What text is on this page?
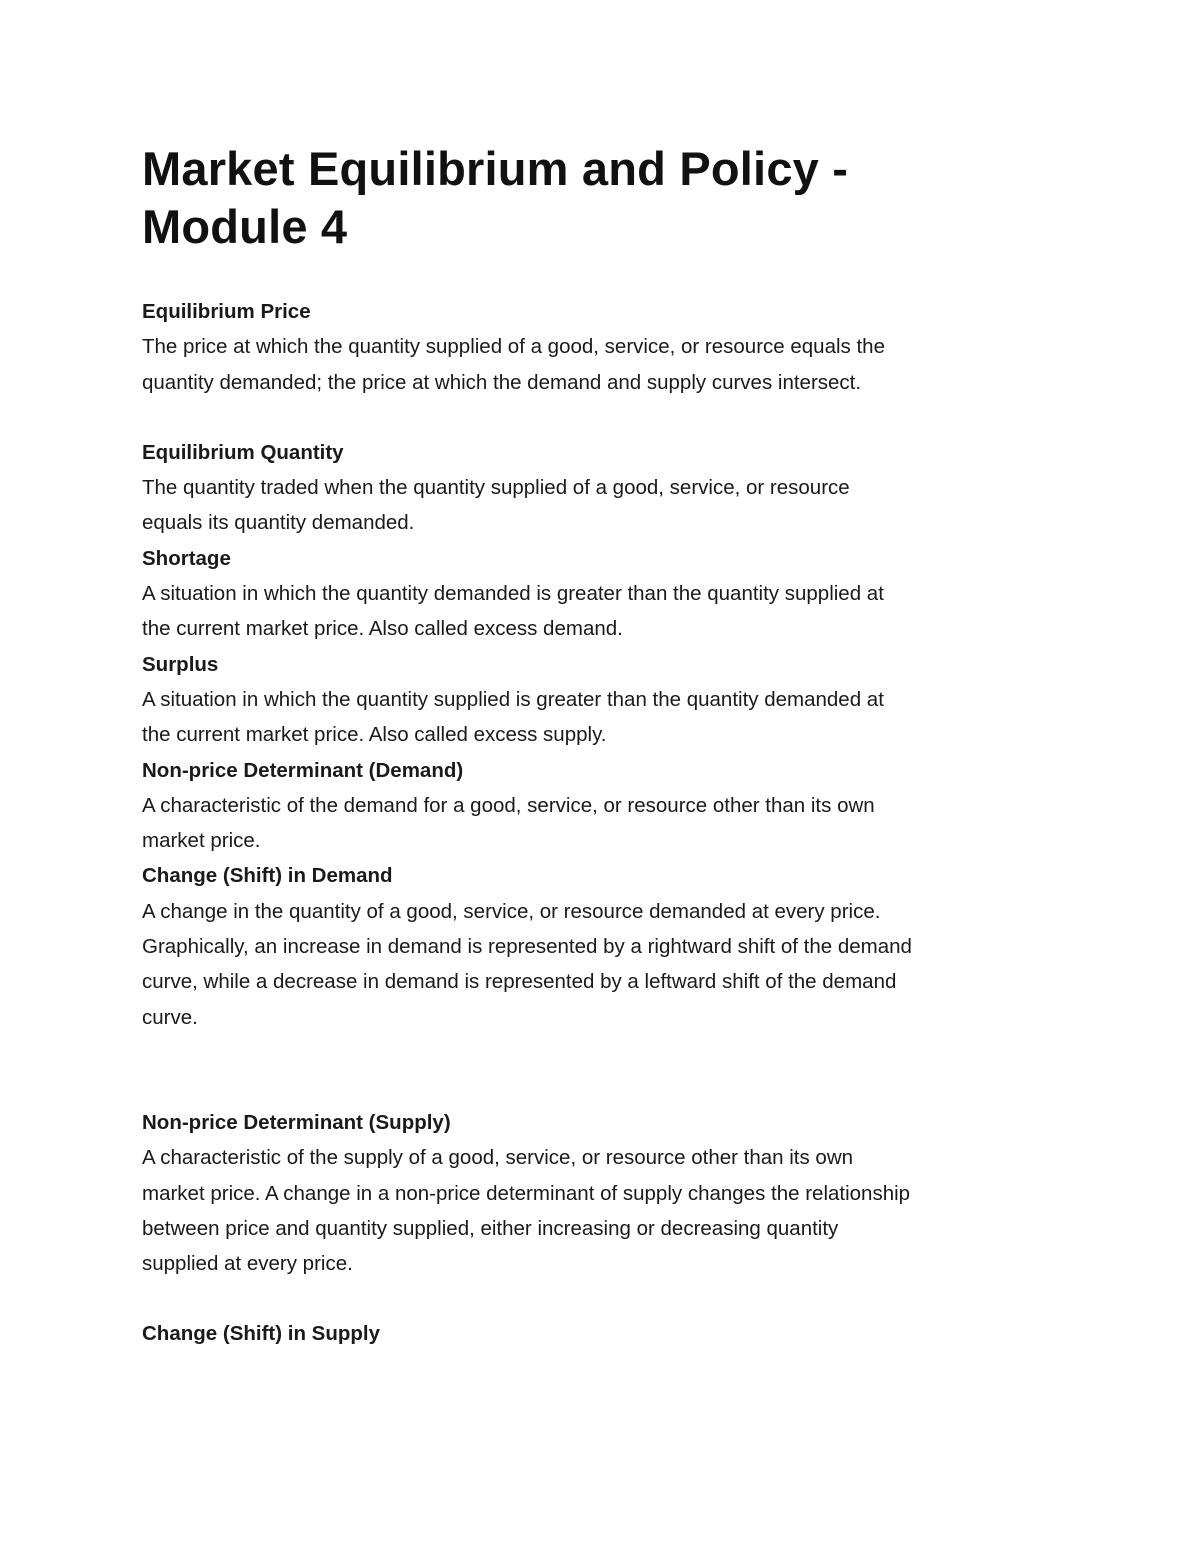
Market Equilibrium and Policy - Module 4

Equilibrium Price

The price at which the quantity supplied of a good, service, or resource equals the quantity demanded; the price at which the demand and supply curves intersect.

Equilibrium Quantity

The quantity traded when the quantity supplied of a good, service, or resource equals its quantity demanded.

Shortage

A situation in which the quantity demanded is greater than the quantity supplied at the current market price. Also called excess demand.

Surplus

A situation in which the quantity supplied is greater than the quantity demanded at the current market price. Also called excess supply.

Non-price Determinant (Demand)

A characteristic of the demand for a good, service, or resource other than its own market price.

Change (Shift) in Demand

A change in the quantity of a good, service, or resource demanded at every price. Graphically, an increase in demand is represented by a rightward shift of the demand curve, while a decrease in demand is represented by a leftward shift of the demand curve.

Non-price Determinant (Supply)

A characteristic of the supply of a good, service, or resource other than its own market price. A change in a non-price determinant of supply changes the relationship between price and quantity supplied, either increasing or decreasing quantity supplied at every price.

Change (Shift) in Supply
